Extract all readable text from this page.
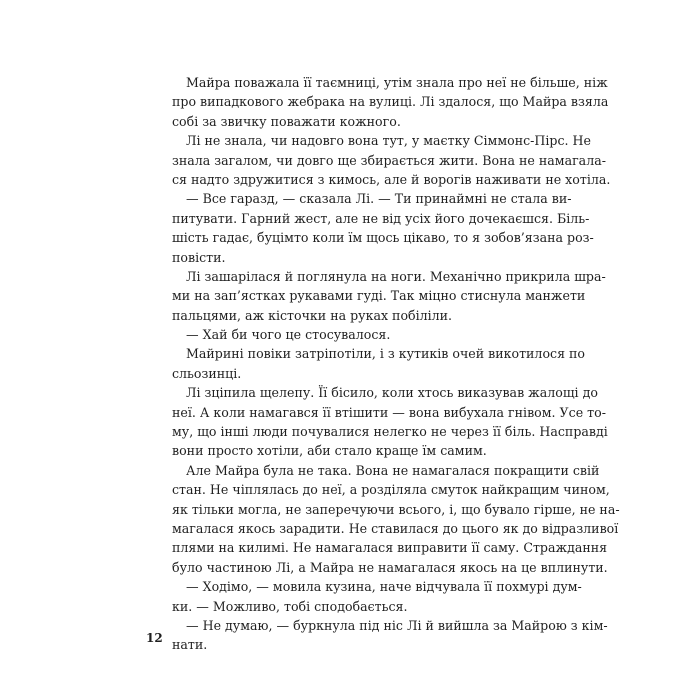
Майра поважала її таємниці, утім знала про неї не більше, ніж
про випадкового жебрака на вулиці. Лі здалося, що Майра взяла
собі за звичку поважати кожного.
Лі не знала, чи надовго вона тут, у маєтку Сіммонс-Пірс. Не
знала загалом, чи довго ще збирається жити. Вона не намагала-
ся надто здружитися з кимось, але й ворогів наживати не хотіла.
— Все гаразд, — сказала Лі. — Ти принаймні не стала ви-
питувати. Гарний жест, але не від усіх його дочекаєшся. Біль-
шість гадає, буцімто коли їм щось цікаво, то я зобов’язана роз-
повісти.
Лі зашарілася й поглянула на ноги. Механічно прикрила шра-
ми на зап’ястках рукавами гуді. Так міцно стиснула манжети
пальцями, аж кісточки на руках побіліли.
— Хай би чого це стосувалося.
Майрині повіки затріпотіли, і з кутиків очей викотилося по
сльозинці.
Лі зціпила щелепу. Її бісило, коли хтось виказував жалощі до
неї. А коли намагався її втішити — вона вибухала гнівом. Усе то-
му, що інші люди почувалися нелегко не через її біль. Насправді
вони просто хотіли, аби стало краще їм самим.
Але Майра була не така. Вона не намагалася покращити свій
стан. Не чіплялась до неї, а розділяла смуток найкращим чином,
як тільки могла, не заперечуючи всього, і, що бувало гірше, не на-
магалася якось зарадити. Не ставилася до цього як до відразливої
плями на килимі. Не намагалася виправити її саму. Страждання
було частиною Лі, а Майра не намагалася якось на це вплинути.
— Ходімо, — мовила кузина, наче відчувала її похмурі дум-
ки. — Можливо, тобі сподобається.
— Не думаю, — буркнула під ніс Лі й вийшла за Майрою з кім-
нати.
12
